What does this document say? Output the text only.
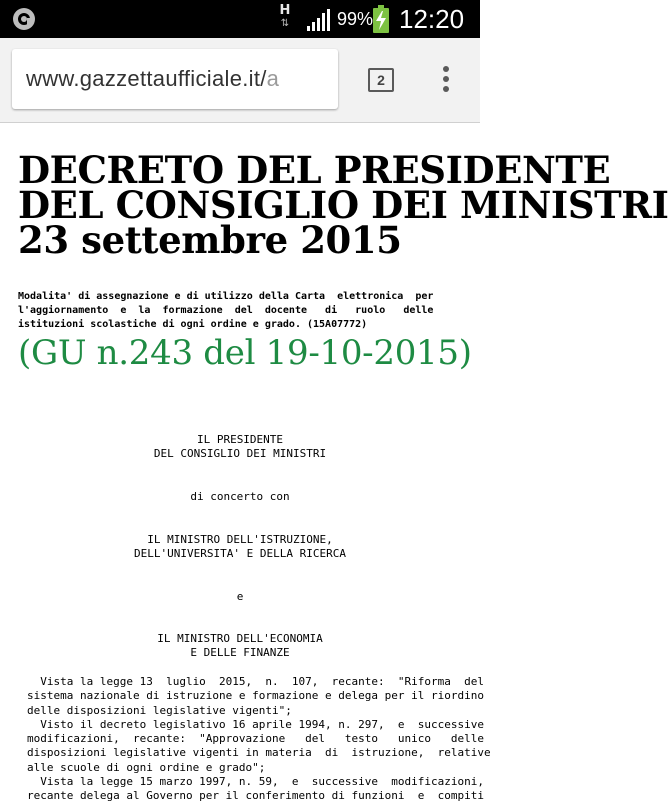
H
⇅	99% 12:20
www.gazzettaufficiale.it/a	2
DECRETO DEL PRESIDENTE
DEL CONSIGLIO DEI MINISTRI
23 settembre 2015
Modalita' di assegnazione e di utilizzo della Carta  elettronica  per
l'aggiornamento  e  la  formazione  del  docente   di   ruolo   delle
istituzioni scolastiche di ogni ordine e grado. (15A07772)
(GU n.243 del 19-10-2015)
IL PRESIDENTE
DEL CONSIGLIO DEI MINISTRI
di concerto con
IL MINISTRO DELL'ISTRUZIONE,
DELL'UNIVERSITA' E DELLA RICERCA
e
IL MINISTRO DELL'ECONOMIA
E DELLE FINANZE
Vista la legge 13  luglio  2015,  n.  107,  recante:  "Riforma  del
sistema nazionale di istruzione e formazione e delega per il riordino
delle disposizioni legislative vigenti";
Visto il decreto legislativo 16 aprile 1994, n. 297,  e  successive
modificazioni,  recante:  "Approvazione   del   testo   unico   delle
disposizioni legislative vigenti in materia  di  istruzione,  relative
alle scuole di ogni ordine e grado";
Vista la legge 15 marzo 1997, n. 59,  e  successive  modificazioni,
recante delega al Governo per il conferimento di funzioni  e  compiti
